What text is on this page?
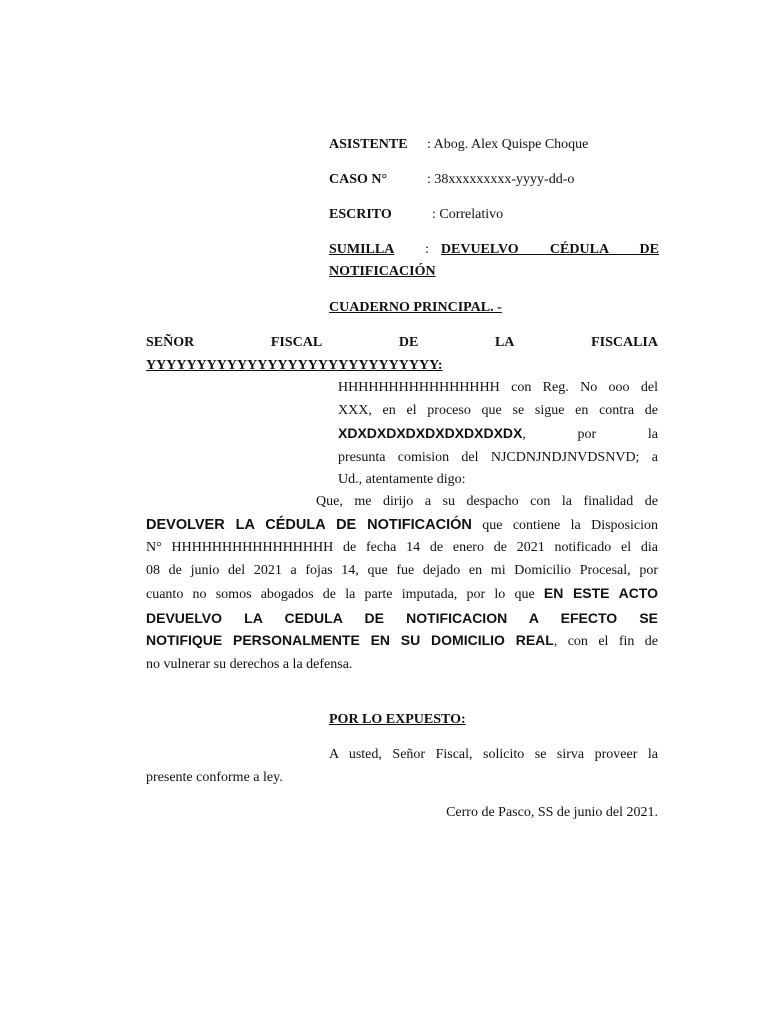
ASISTENTE : Abog. Alex Quispe Choque
CASO N°	: 38xxxxxxxxx-yyyy-dd-o
ESCRITO	: Correlativo
SUMILLA	: DEVUELVO CÉDULA DE
NOTIFICACIÓN
CUADERNO PRINCIPAL. -
SEÑOR	FISCAL	DE	LA	FISCALIA
YYYYYYYYYYYYYYYYYYYYYYYYYYYYY:
HHHHHHHHHHHHHHHH con Reg. No ooo del
XXX, en el proceso que se sigue en contra de
XDXDXDXDXDXDXDXDXDX, por la
presunta comision del NJCDNJNDJNVDSNVD; a
Ud., atentamente digo:
Que, me dirijo a su despacho con la finalidad de
DEVOLVER LA CÉDULA DE NOTIFICACIÓN que contiene la Disposicion
N° HHHHHHHHHHHHHHHH de fecha 14 de enero de 2021 notificado el dia
08 de junio del 2021 a fojas 14, que fue dejado en mi Domicilio Procesal, por
cuanto no somos abogados de la parte imputada, por lo que EN ESTE ACTO
DEVUELVO LA CEDULA DE NOTIFICACION A EFECTO SE
NOTIFIQUE PERSONALMENTE EN SU DOMICILIO REAL, con el fin de
no vulnerar su derechos a la defensa.
POR LO EXPUESTO:
A usted, Señor Fiscal, solicito se sirva proveer la
presente conforme a ley.
Cerro de Pasco, SS de junio del 2021.
